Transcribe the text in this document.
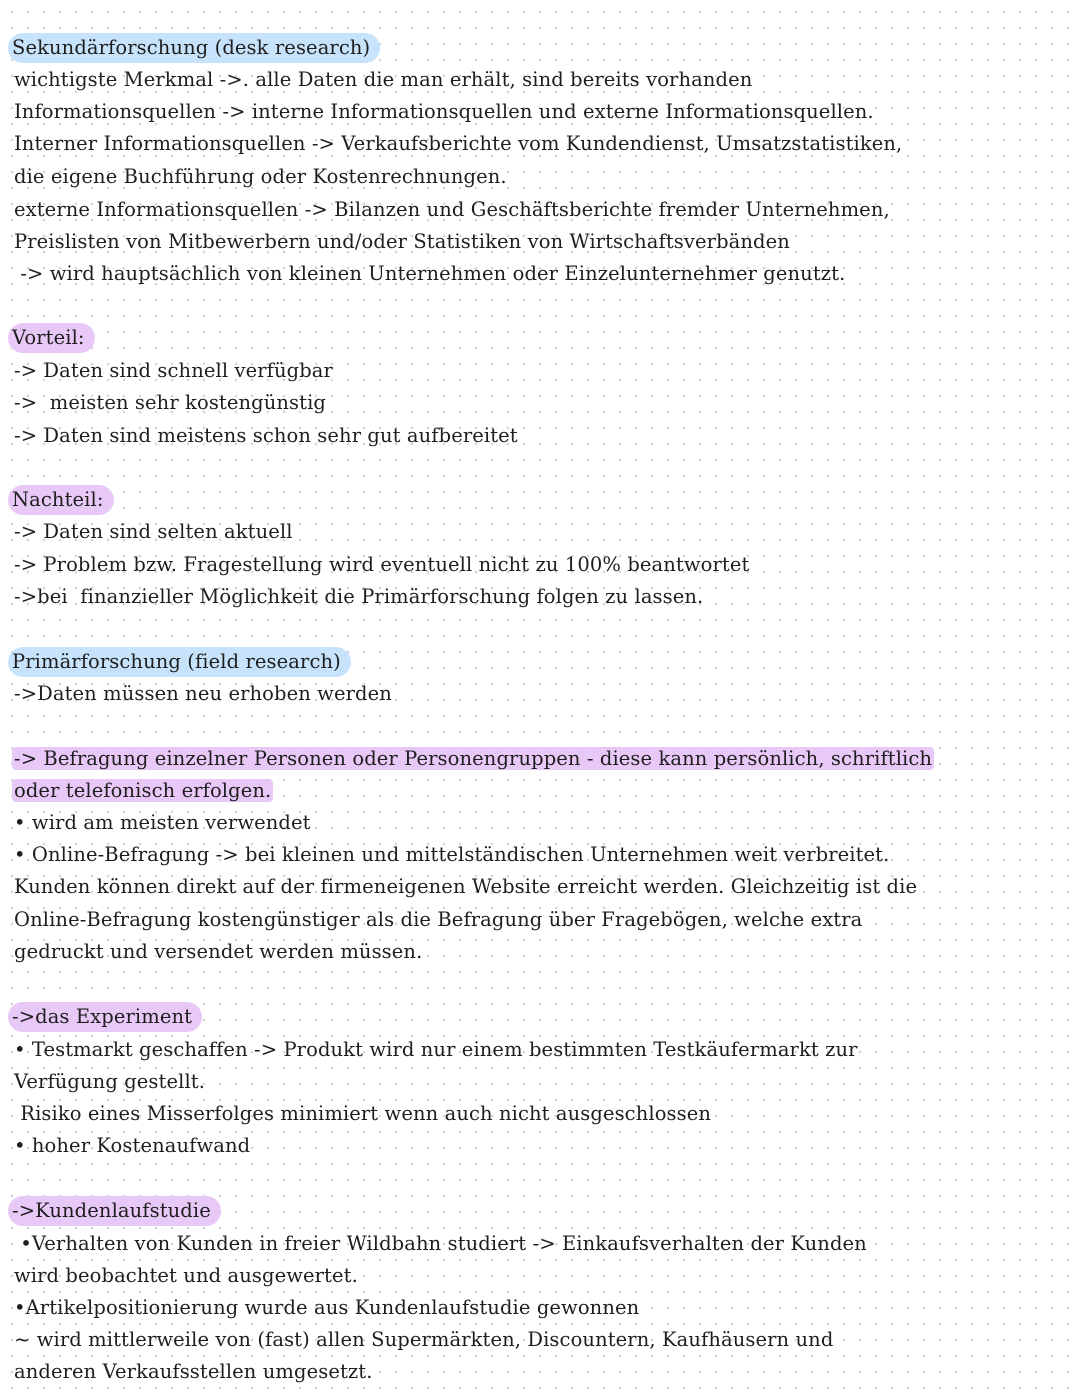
Sekundärforschung (desk research)
wichtigste Merkmal ->. alle Daten die man erhält, sind bereits vorhanden
Informationsquellen -> interne Informationsquellen und externe Informationsquellen.
Interner Informationsquellen -> Verkaufsberichte vom Kundendienst, Umsatzstatistiken,
die eigene Buchführung oder Kostenrechnungen.
externe Informationsquellen -> Bilanzen und Geschäftsberichte fremder Unternehmen,
Preislisten von Mitbewerbern und/oder Statistiken von Wirtschaftsverbänden
-> wird hauptsächlich von kleinen Unternehmen oder Einzelunternehmer genutzt.
Vorteil:
-> Daten sind schnell verfügbar
->  meisten sehr kostengünstig
-> Daten sind meistens schon sehr gut aufbereitet
Nachteil:
-> Daten sind selten aktuell
-> Problem bzw. Fragestellung wird eventuell nicht zu 100% beantwortet
->bei  finanzieller Möglichkeit die Primärforschung folgen zu lassen.
Primärforschung (field research)
->Daten müssen neu erhoben werden
-> Befragung einzelner Personen oder Personengruppen - diese kann persönlich, schriftlich
oder telefonisch erfolgen.
• wird am meisten verwendet
• Online-Befragung -> bei kleinen und mittelständischen Unternehmen weit verbreitet.
Kunden können direkt auf der firmeneigenen Website erreicht werden. Gleichzeitig ist die
Online-Befragung kostengünstiger als die Befragung über Fragebögen, welche extra
gedruckt und versendet werden müssen.
->das Experiment
• Testmarkt geschaffen -> Produkt wird nur einem bestimmten Testkäufermarkt zur
Verfügung gestellt.
Risiko eines Misserfolges minimiert wenn auch nicht ausgeschlossen
• hoher Kostenaufwand
->Kundenlaufstudie
•Verhalten von Kunden in freier Wildbahn studiert -> Einkaufsverhalten der Kunden
wird beobachtet und ausgewertet.
•Artikelpositionierung wurde aus Kundenlaufstudie gewonnen
~ wird mittlerweile von (fast) allen Supermärkten, Discountern, Kaufhäusern und
anderen Verkaufsstellen umgesetzt.
